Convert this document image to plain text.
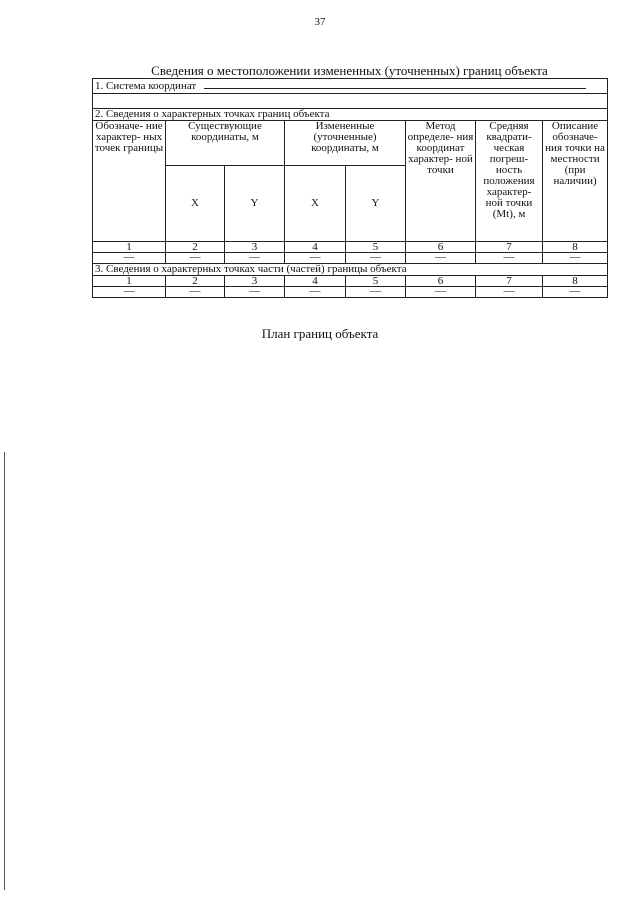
37
Сведения о местоположении измененных (уточненных) границ объекта
1. Система координат							

2. Сведения о характерных точках границ объекта							
Обозначе- ние характер- ных точек границы	Существующие координаты, м		Измененные (уточненные) координаты, м		Метод определе- ния координат характер- ной точки	Средняя квадрати- ческая погреш- ность положения характер- ной точки (Mt), м	Описание обозначе- ния точки на местности (при наличии)
	X	Y	X	Y			
1	2	3	4	5	6	7	8
—	—	—	—	—	—	—	—
3. Сведения о характерных точках части (частей) границы объекта							
1	2	3	4	5	6	7	8
—	—	—	—	—	—	—	—
План границ объекта
